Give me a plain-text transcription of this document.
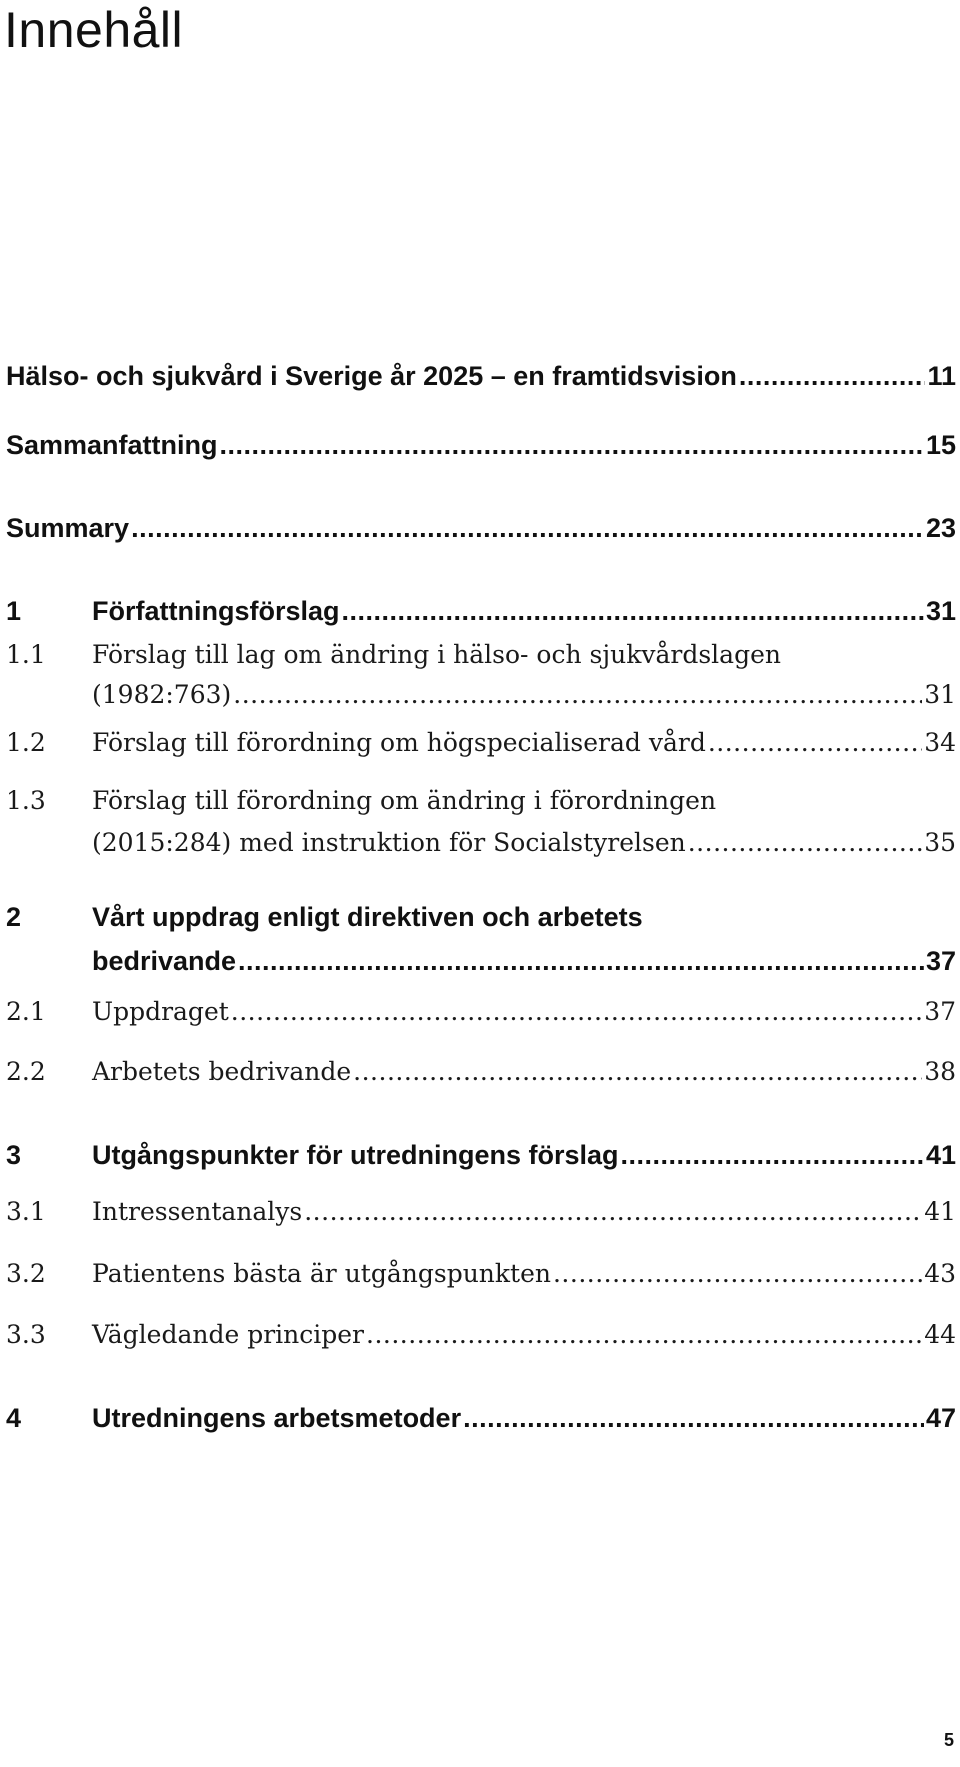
Innehåll
Hälso- och sjukvård i Sverige år 2025 – en framtidsvision .....	11
Sammanfattning .....	15
Summary .....	23
1	Författningsförslag .....	31
1.1 Förslag till lag om ändring i hälso- och sjukvårdslagen
(1982:763) .....	31
1.2 Förslag till förordning om högspecialiserad vård .....	34
1.3 Förslag till förordning om ändring i förordningen
(2015:284) med instruktion för Socialstyrelsen .....	35
2	Vårt uppdrag enligt direktiven och arbetets
bedrivande .....	37
2.1 Uppdraget .....	37
2.2 Arbetets bedrivande .....	38
3	Utgångspunkter för utredningens förslag .....	41
3.1 Intressentanalys .....	41
3.2 Patientens bästa är utgångspunkten .....	43
3.3 Vägledande principer .....	44
4	Utredningens arbetsmetoder .....	47
5
